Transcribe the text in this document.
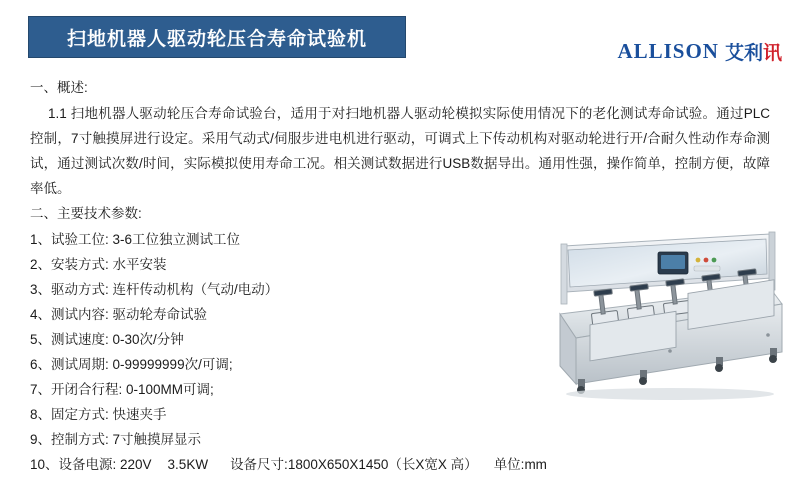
扫地机器人驱动轮压合寿命试验机	ALLISON 艾利讯
一、概述:
1.1 扫地机器人驱动轮压合寿命试验台，适用于对扫地机器人驱动轮模拟实际使用情况下的老化测试寿命试验。通过PLC控制，7寸触摸屏进行设定。采用气动式/伺服步进电机进行驱动，可调式上下传动机构对驱动轮进行开/合耐久性动作寿命测试，通过测试次数/时间，实际模拟使用寿命工况。相关测试数据进行USB数据导出。通用性强，操作简单，控制方便，故障率低。
二、主要技术参数:
1、试验工位: 3-6工位独立测试工位
2、安装方式: 水平安装
3、驱动方式: 连杆传动机构（气动/电动）
4、测试内容: 驱动轮寿命试验
5、测试速度: 0-30次/分钟
6、测试周期: 0-99999999次/可调;
7、开闭合行程: 0-100MM可调;
8、固定方式: 快速夹手
9、控制方式: 7寸触摸屏显示
10、设备电源: 220V 3.5KW 设备尺寸:1800X650X1450（长X宽X 高） 单位:mm
